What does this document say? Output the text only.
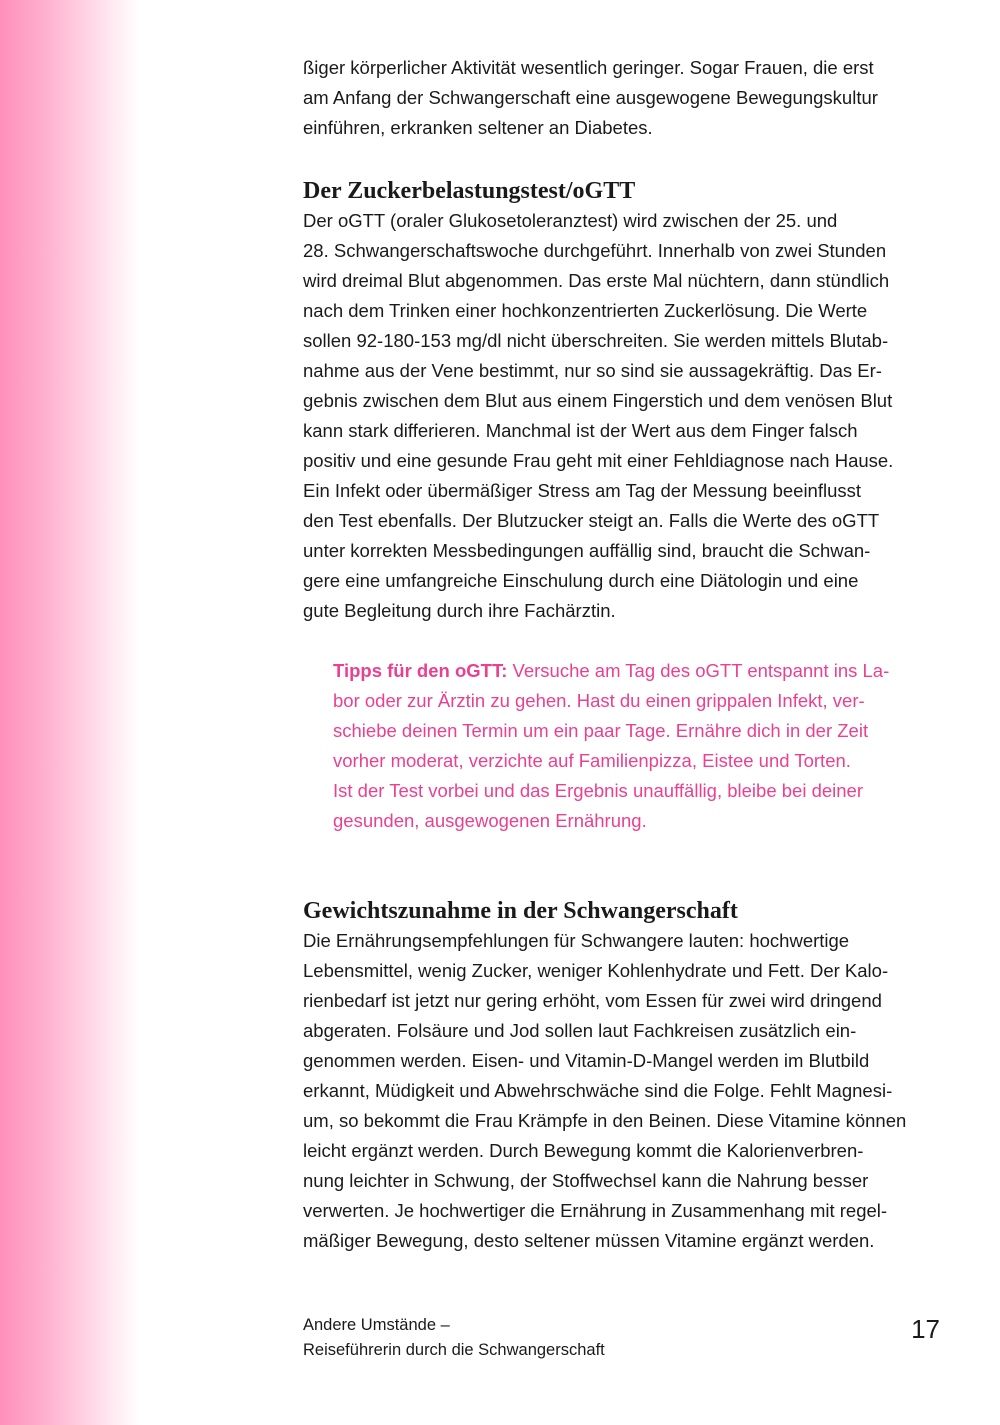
ßiger körperlicher Aktivität wesentlich geringer. Sogar Frauen, die erst
am Anfang der Schwangerschaft eine ausgewogene Bewegungskultur
einführen, erkranken seltener an Diabetes.
Der Zuckerbelastungstest/oGTT
Der oGTT (oraler Glukosetoleranztest) wird zwischen der 25. und
28. Schwangerschaftswoche durchgeführt. Innerhalb von zwei Stunden
wird dreimal Blut abgenommen. Das erste Mal nüchtern, dann stündlich
nach dem Trinken einer hochkonzentrierten Zuckerlösung. Die Werte
sollen 92-180-153 mg/dl nicht überschreiten. Sie werden mittels Blutab-
nahme aus der Vene bestimmt, nur so sind sie aussagekräftig. Das Er-
gebnis zwischen dem Blut aus einem Fingerstich und dem venösen Blut
kann stark differieren. Manchmal ist der Wert aus dem Finger falsch
positiv und eine gesunde Frau geht mit einer Fehldiagnose nach Hause.
Ein Infekt oder übermäßiger Stress am Tag der Messung beeinflusst
den Test ebenfalls. Der Blutzucker steigt an. Falls die Werte des oGTT
unter korrekten Messbedingungen auffällig sind, braucht die Schwan-
gere eine umfangreiche Einschulung durch eine Diätologin und eine
gute Begleitung durch ihre Fachärztin.
Tipps für den oGTT: Versuche am Tag des oGTT entspannt ins La-
bor oder zur Ärztin zu gehen. Hast du einen grippalen Infekt, ver-
schiebe deinen Termin um ein paar Tage. Ernähre dich in der Zeit
vorher moderat, verzichte auf Familienpizza, Eistee und Torten.
Ist der Test vorbei und das Ergebnis unauffällig, bleibe bei deiner
gesunden, ausgewogenen Ernährung.
Gewichtszunahme in der Schwangerschaft
Die Ernährungsempfehlungen für Schwangere lauten: hochwertige
Lebensmittel, wenig Zucker, weniger Kohlenhydrate und Fett. Der Kalo-
rienbedarf ist jetzt nur gering erhöht, vom Essen für zwei wird dringend
abgeraten. Folsäure und Jod sollen laut Fachkreisen zusätzlich ein-
genommen werden. Eisen- und Vitamin-D-Mangel werden im Blutbild
erkannt, Müdigkeit und Abwehrschwäche sind die Folge. Fehlt Magnesi-
um, so bekommt die Frau Krämpfe in den Beinen. Diese Vitamine können
leicht ergänzt werden. Durch Bewegung kommt die Kalorienverbren-
nung leichter in Schwung, der Stoffwechsel kann die Nahrung besser
verwerten. Je hochwertiger die Ernährung in Zusammenhang mit regel-
mäßiger Bewegung, desto seltener müssen Vitamine ergänzt werden.
Andere Umstände –
Reiseführerin durch die Schwangerschaft
17
